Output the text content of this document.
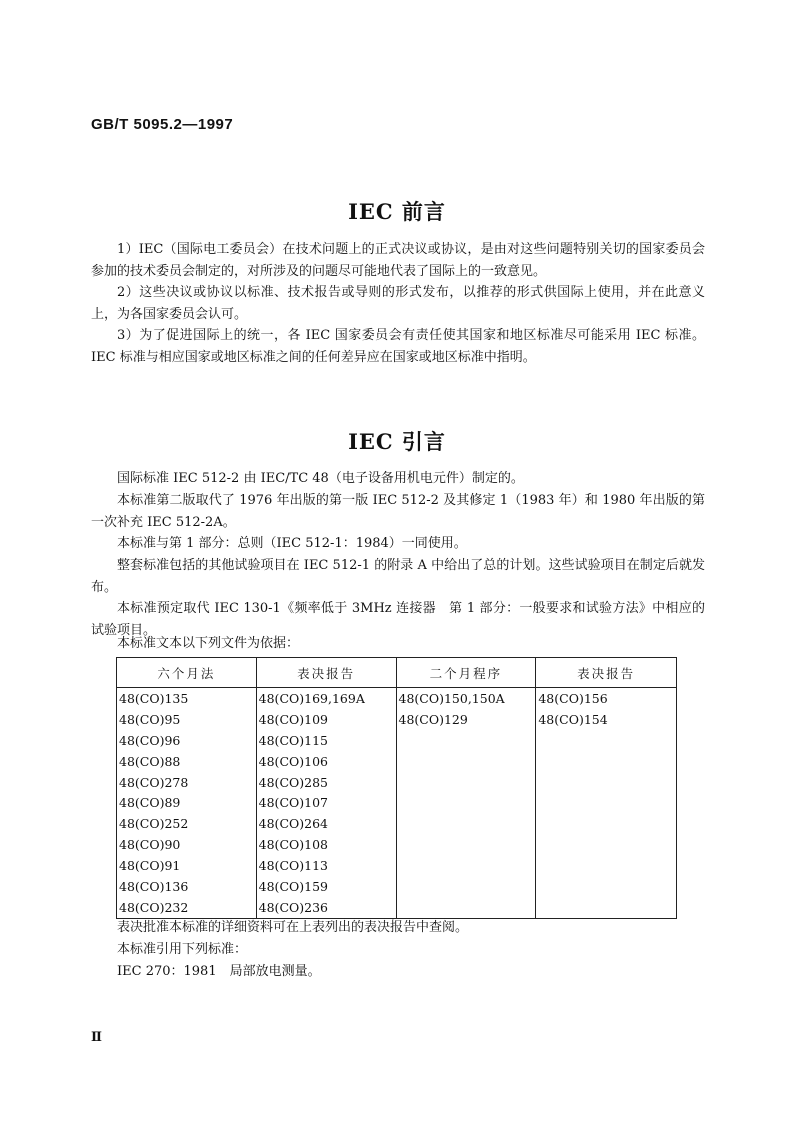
GB/T 5095.2—1997
IEC 前言

1）IEC（国际电工委员会）在技术问题上的正式决议或协议，是由对这些问题特别关切的国家委员会参加的技术委员会制定的，对所涉及的问题尽可能地代表了国际上的一致意见。

2）这些决议或协议以标准、技术报告或导则的形式发布，以推荐的形式供国际上使用，并在此意义上，为各国家委员会认可。

3）为了促进国际上的统一，各 IEC 国家委员会有责任使其国家和地区标准尽可能采用 IEC 标准。IEC 标准与相应国家或地区标准之间的任何差异应在国家或地区标准中指明。

IEC 引言

国际标准 IEC 512-2 由 IEC/TC 48（电子设备用机电元件）制定的。

本标准第二版取代了 1976 年出版的第一版 IEC 512-2 及其修定 1（1983 年）和 1980 年出版的第一次补充 IEC 512-2A。

本标准与第 1 部分：总则（IEC 512-1：1984）一同使用。

整套标准包括的其他试验项目在 IEC 512-1 的附录 A 中给出了总的计划。这些试验项目在制定后就发布。

本标准预定取代 IEC 130-1《频率低于 3MHz 连接器　第 1 部分：一般要求和试验方法》中相应的试验项目。

本标准文本以下列文件为依据：

六个月法	表决报告	二个月程序	表决报告
48(CO)135	48(CO)169,169A	48(CO)150,150A	48(CO)156
48(CO)95	48(CO)109	48(CO)129	48(CO)154
48(CO)96	48(CO)115		
48(CO)88	48(CO)106		
48(CO)278	48(CO)285		
48(CO)89	48(CO)107		
48(CO)252	48(CO)264		
48(CO)90	48(CO)108		
48(CO)91	48(CO)113		
48(CO)136	48(CO)159		
48(CO)232	48(CO)236		

表决批准本标准的详细资料可在上表列出的表决报告中查阅。

本标准引用下列标准：

IEC 270：1981　局部放电测量。

Ⅱ
